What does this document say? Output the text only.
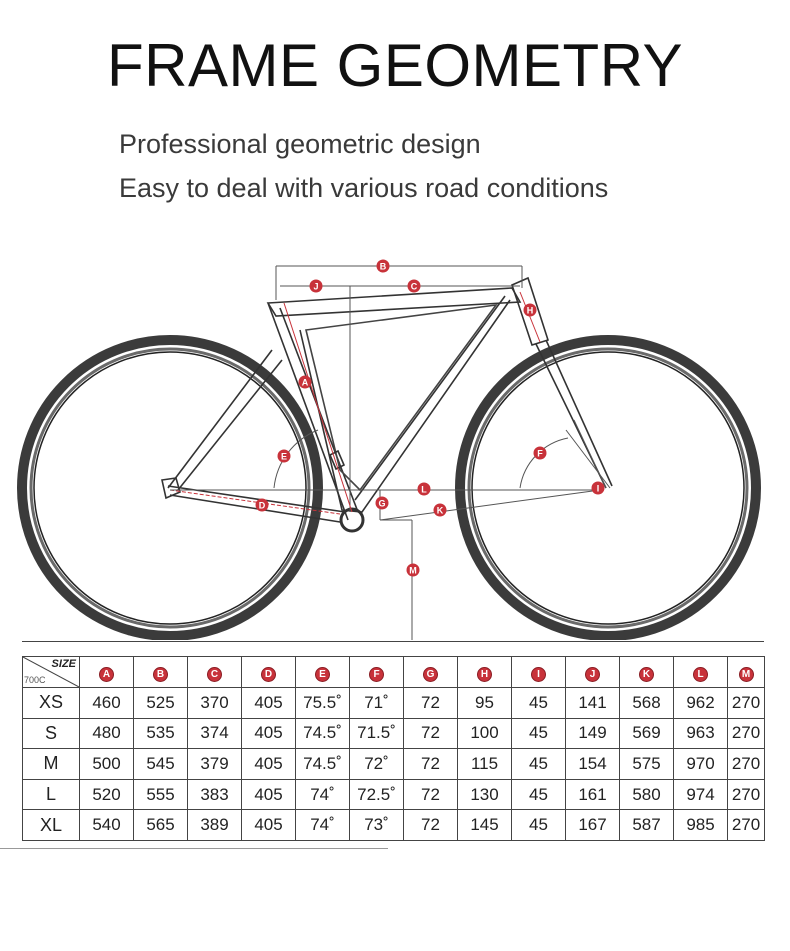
FRAME GEOMETRY
Professional geometric design
Easy to deal with various road conditions
B
J	C
H
A
E	F
L	I
G
D	K
M
SIZE
700C	A	B	C	D	E	F	G	H	I	J	K	L	M
XS	460	525	370	405	75.5˚	71˚	72	95	45	141	568	962	270
S	480	535	374	405	74.5˚	71.5˚	72	100	45	149	569	963	270
M	500	545	379	405	74.5˚	72˚	72	115	45	154	575	970	270
L	520	555	383	405	74˚	72.5˚	72	130	45	161	580	974	270
XL	540	565	389	405	74˚	73˚	72	145	45	167	587	985	270
